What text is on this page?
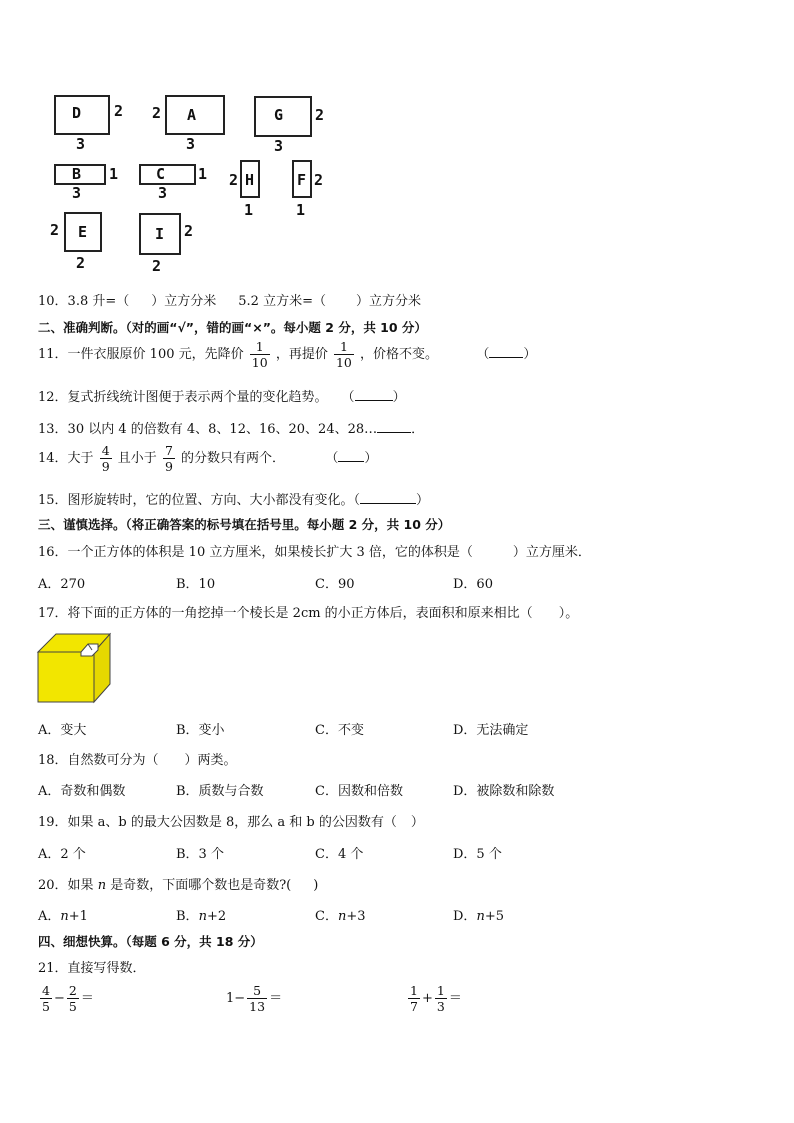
D 2
3
A
2
3
G 2
3
B 1
3
C 1
3
H
2
1
F 2
1
E
2
2
I 2
2
10．3.8 升=（ ）立方分米 5.2 立方米=（ ）立方分米
二、准确判断。（对的画“√”，错的画“×”。每小题 2 分，共 10 分）
11．一件衣服原价 100 元，先降价 $\frac{1}{10}$ ，再提价 $\frac{1}{10}$ ，价格不变。	（	）
12．复式折线统计图便于表示两个量的变化趋势。 （	）
13．30 以内 4 的倍数有 4、8、12、16、20、24、28…	．
14．大于 $\frac{4}{9}$ 且小于 $\frac{7}{9}$ 的分数只有两个．	（ ）
15．图形旋转时，它的位置、方向、大小都没有变化。（	）
三、谨慎选择。（将正确答案的标号填在括号里。每小题 2 分，共 10 分）
16．一个正方体的体积是 10 立方厘米，如果棱长扩大 3 倍，它的体积是（	）立方厘米．
A．270	B．10	C．90	D．60
17．将下面的正方体的一角挖掉一个棱长是 2cm 的小正方体后，表面积和原来相比（ ）。
A．变大	B．变小	C．不变	D．无法确定
18．自然数可分为（ ）两类。
A．奇数和偶数	B．质数与合数	C．因数和倍数	D．被除数和除数
19．如果 a、b 的最大公因数是 8，那么 a 和 b 的公因数有（ ）
A．2 个	B．3 个	C．4 个	D．5 个
20．如果 n 是奇数，下面哪个数也是奇数?( )
A．n+1	B．n+2	C．n+3	D．n+5
四、细想快算。（每题 6 分，共 18 分）
21．直接写得数．
$\frac{4}{5} - \frac{2}{5}$ ＝	$1- \frac{5}{13}$ ＝	$\frac{1}{7} + \frac{1}{3}$ ＝
